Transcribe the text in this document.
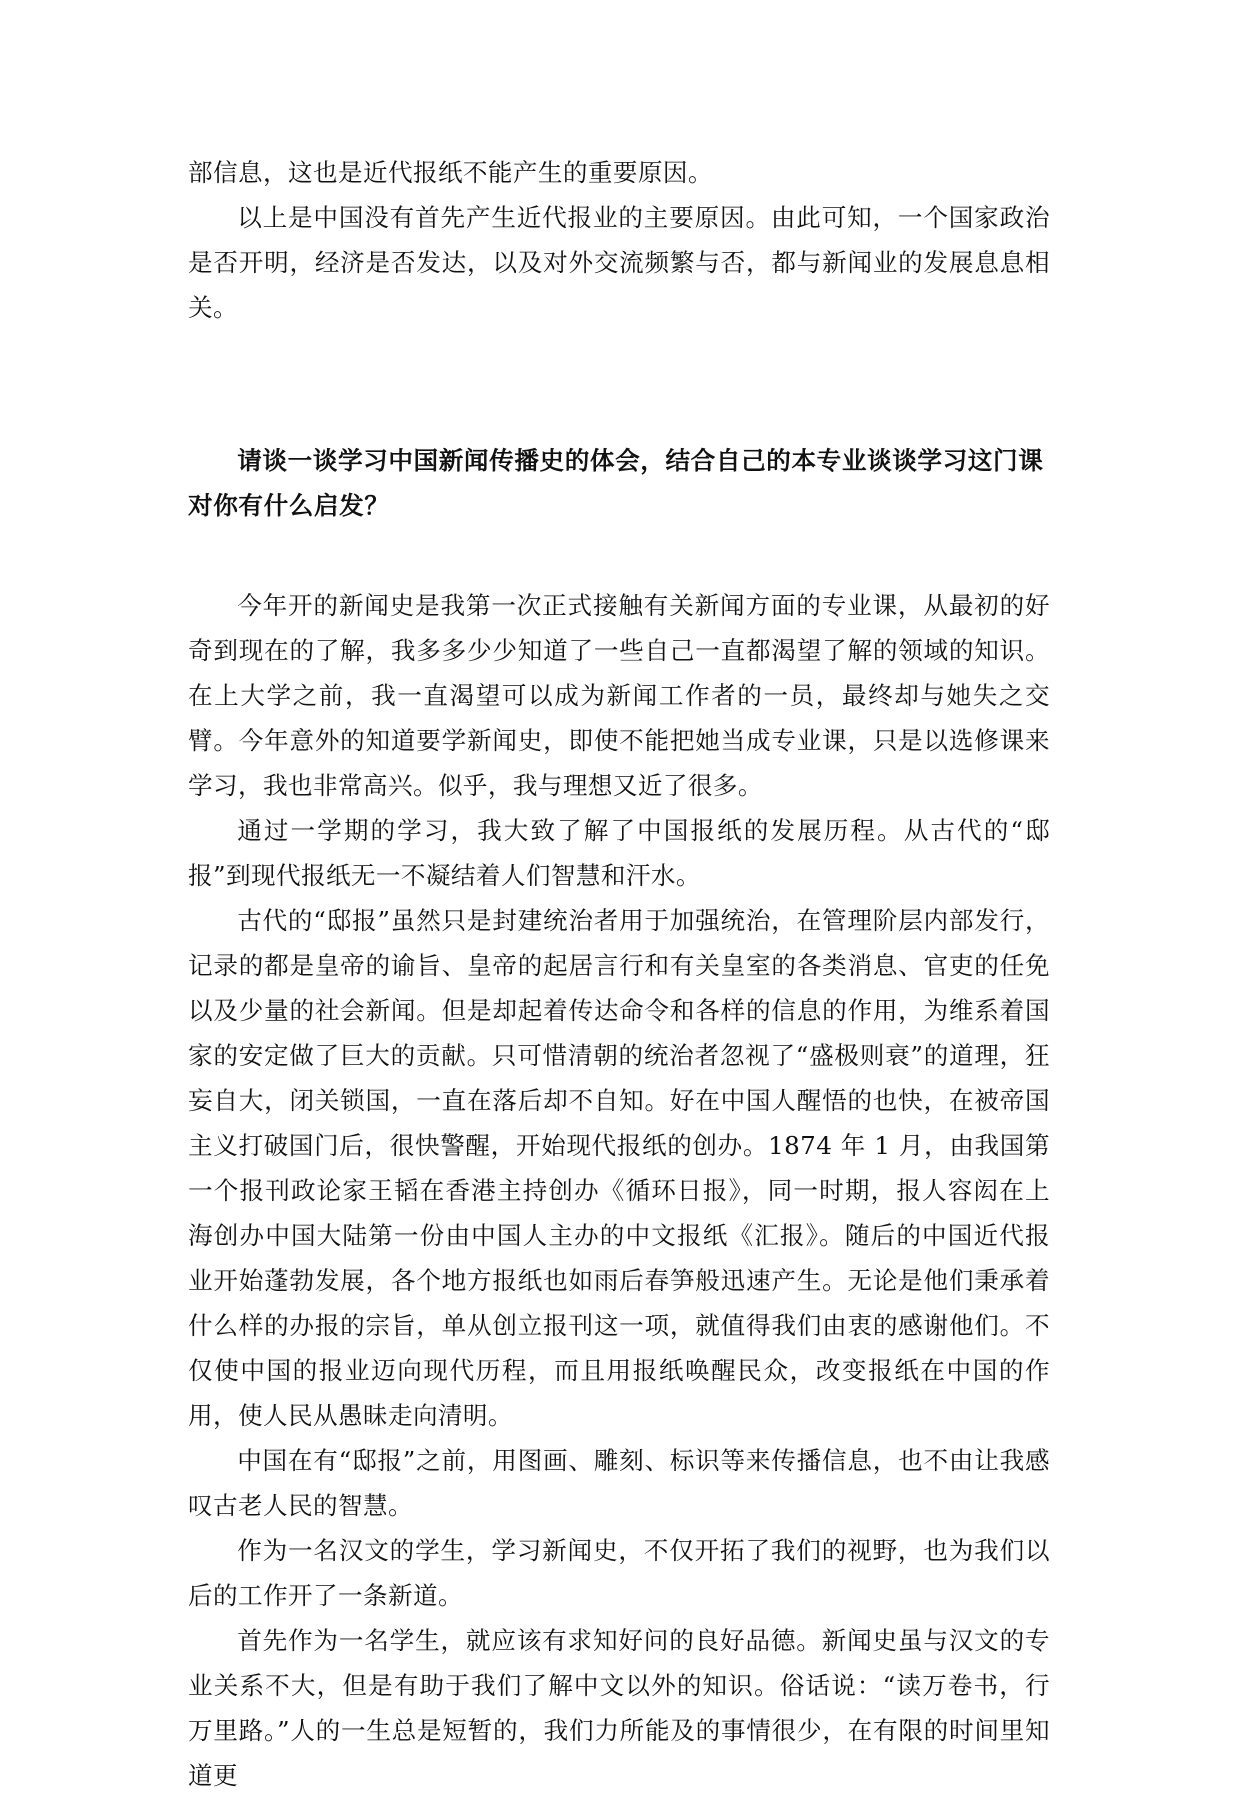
部信息，这也是近代报纸不能产生的重要原因。

以上是中国没有首先产生近代报业的主要原因。由此可知，一个国家政治是否开明，经济是否发达，以及对外交流频繁与否，都与新闻业的发展息息相关。

请谈一谈学习中国新闻传播史的体会，结合自己的本专业谈谈学习这门课对你有什么启发？

今年开的新闻史是我第一次正式接触有关新闻方面的专业课，从最初的好奇到现在的了解，我多多少少知道了一些自己一直都渴望了解的领域的知识。在上大学之前，我一直渴望可以成为新闻工作者的一员，最终却与她失之交臂。今年意外的知道要学新闻史，即使不能把她当成专业课，只是以选修课来学习，我也非常高兴。似乎，我与理想又近了很多。

通过一学期的学习，我大致了解了中国报纸的发展历程。从古代的“邸报”到现代报纸无一不凝结着人们智慧和汗水。

古代的“邸报”虽然只是封建统治者用于加强统治，在管理阶层内部发行，记录的都是皇帝的谕旨、皇帝的起居言行和有关皇室的各类消息、官吏的任免以及少量的社会新闻。但是却起着传达命令和各样的信息的作用，为维系着国家的安定做了巨大的贡献。只可惜清朝的统治者忽视了“盛极则衰”的道理，狂妄自大，闭关锁国，一直在落后却不自知。好在中国人醒悟的也快，在被帝国主义打破国门后，很快警醒，开始现代报纸的创办。1874 年 1 月，由我国第一个报刊政论家王韬在香港主持创办《循环日报》，同一时期，报人容闳在上海创办中国大陆第一份由中国人主办的中文报纸《汇报》。随后的中国近代报业开始蓬勃发展，各个地方报纸也如雨后春笋般迅速产生。无论是他们秉承着什么样的办报的宗旨，单从创立报刊这一项，就值得我们由衷的感谢他们。不仅使中国的报业迈向现代历程，而且用报纸唤醒民众，改变报纸在中国的作用，使人民从愚昧走向清明。

中国在有“邸报”之前，用图画、雕刻、标识等来传播信息，也不由让我感叹古老人民的智慧。

作为一名汉文的学生，学习新闻史，不仅开拓了我们的视野，也为我们以后的工作开了一条新道。

首先作为一名学生，就应该有求知好问的良好品德。新闻史虽与汉文的专业关系不大，但是有助于我们了解中文以外的知识。俗话说：“读万卷书，行万里路。”人的一生总是短暂的，我们力所能及的事情很少，在有限的时间里知道更
